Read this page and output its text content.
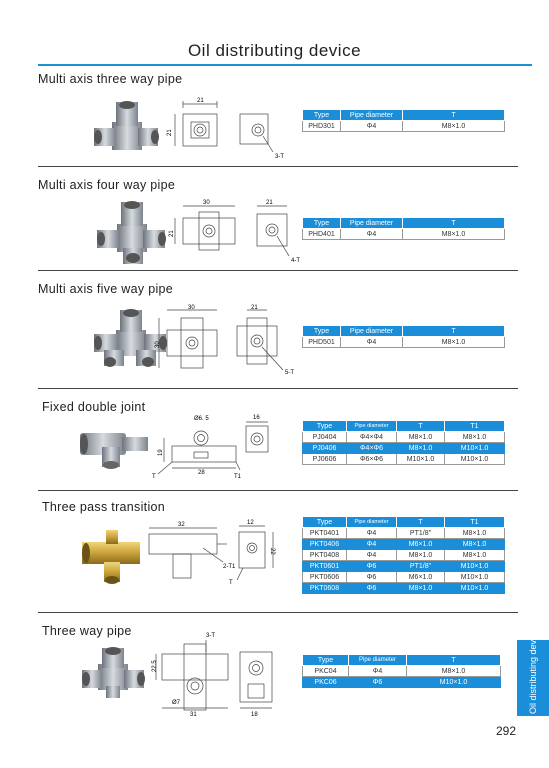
Oil distributing device
Multi axis three way pipe
21
21
3-T
Type	Pipe diameter	T
PHD301	Φ4	M8×1.0
Multi axis four way pipe
30	21
21
4-T
Type	Pipe diameter	T
PHD401	Φ4	M8×1.0
Multi axis five way pipe
30	21
30
5-T
Type	Pipe diameter	T
PHD501	Φ4	M8×1.0
Fixed double joint
Ø6. 5	16
19
28
T	T1
Type	Pipe diameter	T	T1
PJ0404	Φ4×Φ4	M8×1.0	M8×1.0
PJ0406	Φ4×Φ6	M8×1.0	M10×1.0
PJ0606	Φ6×Φ6	M10×1.0	M10×1.0
Three pass transition
32	12
22
2-T1
T
Type	Pipe diameter	T	T1
PKT0401	Φ4	PT1/8"	M8×1.0
PKT0406	Φ4	M6×1.0	M8×1.0
PKT0408	Φ4	M8×1.0	M8×1.0
PKT0601	Φ6	PT1/8"	M10×1.0
PKT0606	Φ6	M6×1.0	M10×1.0
PKT0608	Φ6	M8×1.0	M10×1.0
Three way pipe	3-T
22.5
Ø7
31	18
Type	Pipe diameter	T
PKC04	Φ4	M8×1.0
PKC06	Φ6	M10×1.0	Oil distributing device
292
